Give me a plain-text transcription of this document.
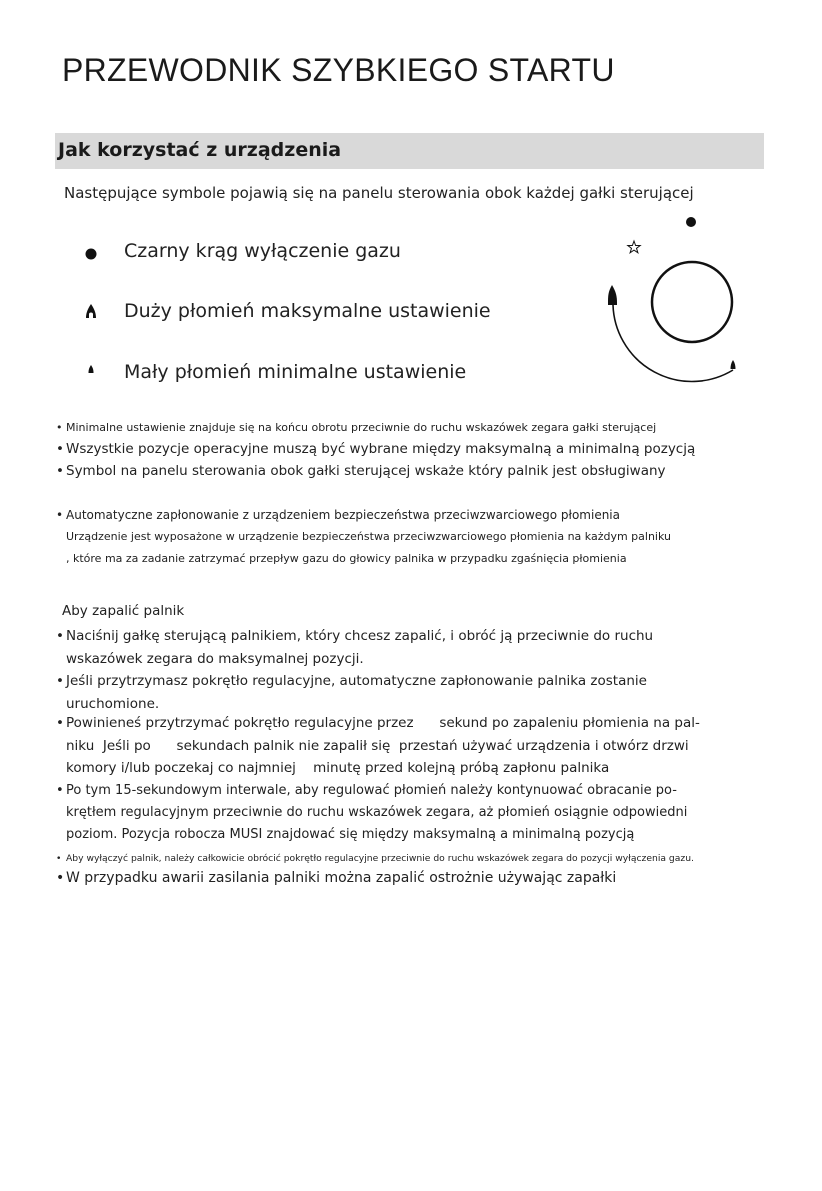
PRZEWODNIK SZYBKIEGO STARTU
Jak korzystać z urządzenia
Następujące symbole pojawią się na panelu sterowania obok każdej gałki sterującej
Czarny krąg wyłączenie gazu
Duży płomień maksymalne ustawienie
Mały płomień minimalne ustawienie
• Minimalne ustawienie znajduje się na końcu obrotu przeciwnie do ruchu wskazówek zegara gałki sterującej
• Wszystkie pozycje operacyjne muszą być wybrane między maksymalną a minimalną pozycją
• Symbol na panelu sterowania obok gałki sterującej wskaże który palnik jest obsługiwany
• Automatyczne zapłonowanie z urządzeniem bezpieczeństwa przeciwzwarciowego płomienia
Urządzenie jest wyposażone w urządzenie bezpieczeństwa przeciwzwarciowego płomienia na każdym palniku
, które ma za zadanie zatrzymać przepływ gazu do głowicy palnika w przypadku zgaśnięcia płomienia
Aby zapalić palnik
• Naciśnij gałkę sterującą palnikiem, który chcesz zapalić, i obróć ją przeciwnie do ruchu
wskazówek zegara do maksymalnej pozycji.
• Jeśli przytrzymasz pokrętło regulacyjne, automatyczne zapłonowanie palnika zostanie
uruchomione.
• Powinieneś przytrzymać pokrętło regulacyjne przez      sekund po zapaleniu płomienia na pal-
niku  Jeśli po      sekundach palnik nie zapalił się  przestań używać urządzenia i otwórz drzwi
komory i/lub poczekaj co najmniej    minutę przed kolejną próbą zapłonu palnika
• Po tym 15-sekundowym interwale, aby regulować płomień należy kontynuować obracanie po-
krętłem regulacyjnym przeciwnie do ruchu wskazówek zegara, aż płomień osiągnie odpowiedni
poziom. Pozycja robocza MUSI znajdować się między maksymalną a minimalną pozycją
• Aby wyłączyć palnik, należy całkowicie obrócić pokrętło regulacyjne przeciwnie do ruchu wskazówek zegara do pozycji wyłączenia gazu.
• W przypadku awarii zasilania palniki można zapalić ostrożnie używając zapałki
